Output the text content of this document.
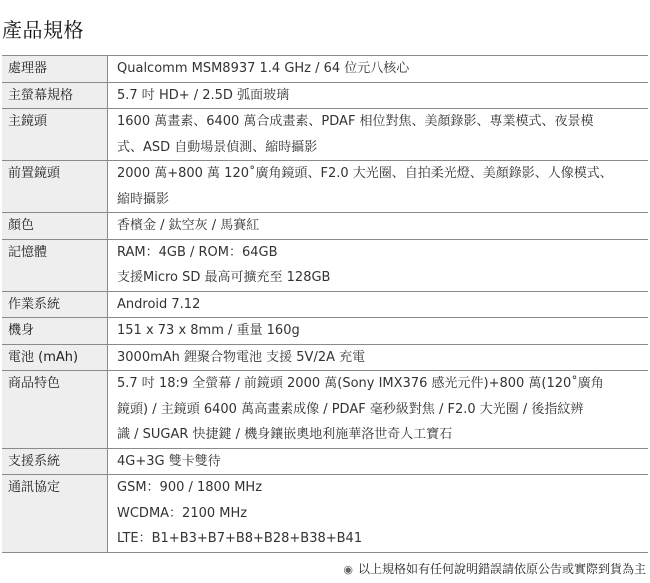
產品規格
處理器	Qualcomm MSM8937 1.4 GHz / 64 位元八核心

主螢幕規格	5.7 吋 HD+ / 2.5D 弧面玻璃

主鏡頭	1600 萬畫素、6400 萬合成畫素、PDAF 相位對焦、美顏錄影、專業模式、夜景模
式、ASD 自動場景偵測、縮時攝影

前置鏡頭	2000 萬+800 萬 120˚廣角鏡頭、F2.0 大光圈、自拍柔光燈、美顏錄影、人像模式、
縮時攝影

顏色	香檳金 / 鈦空灰 / 馬賽紅

記憶體	RAM：4GB / ROM：64GB
支援Micro SD 最高可擴充至 128GB

作業系統	Android 7.12

機身	151 x 73 x 8mm / 重量 160g

電池 (mAh)	3000mAh 鋰聚合物電池 支援 5V/2A 充電

商品特色	5.7 吋 18:9 全螢幕 / 前鏡頭 2000 萬(Sony IMX376 感光元件)+800 萬(120˚廣角
鏡頭) / 主鏡頭 6400 萬高畫素成像 / PDAF 毫秒級對焦 / F2.0 大光圈 / 後指紋辨
識 / SUGAR 快捷鍵 / 機身鑲嵌奧地利施華洛世奇人工寶石

支援系統	4G+3G 雙卡雙待

通訊協定	GSM：900 / 1800 MHz
WCDMA：2100 MHz
LTE：B1+B3+B7+B8+B28+B38+B41
◉ 以上規格如有任何說明錯誤請依原公告或實際到貨為主
